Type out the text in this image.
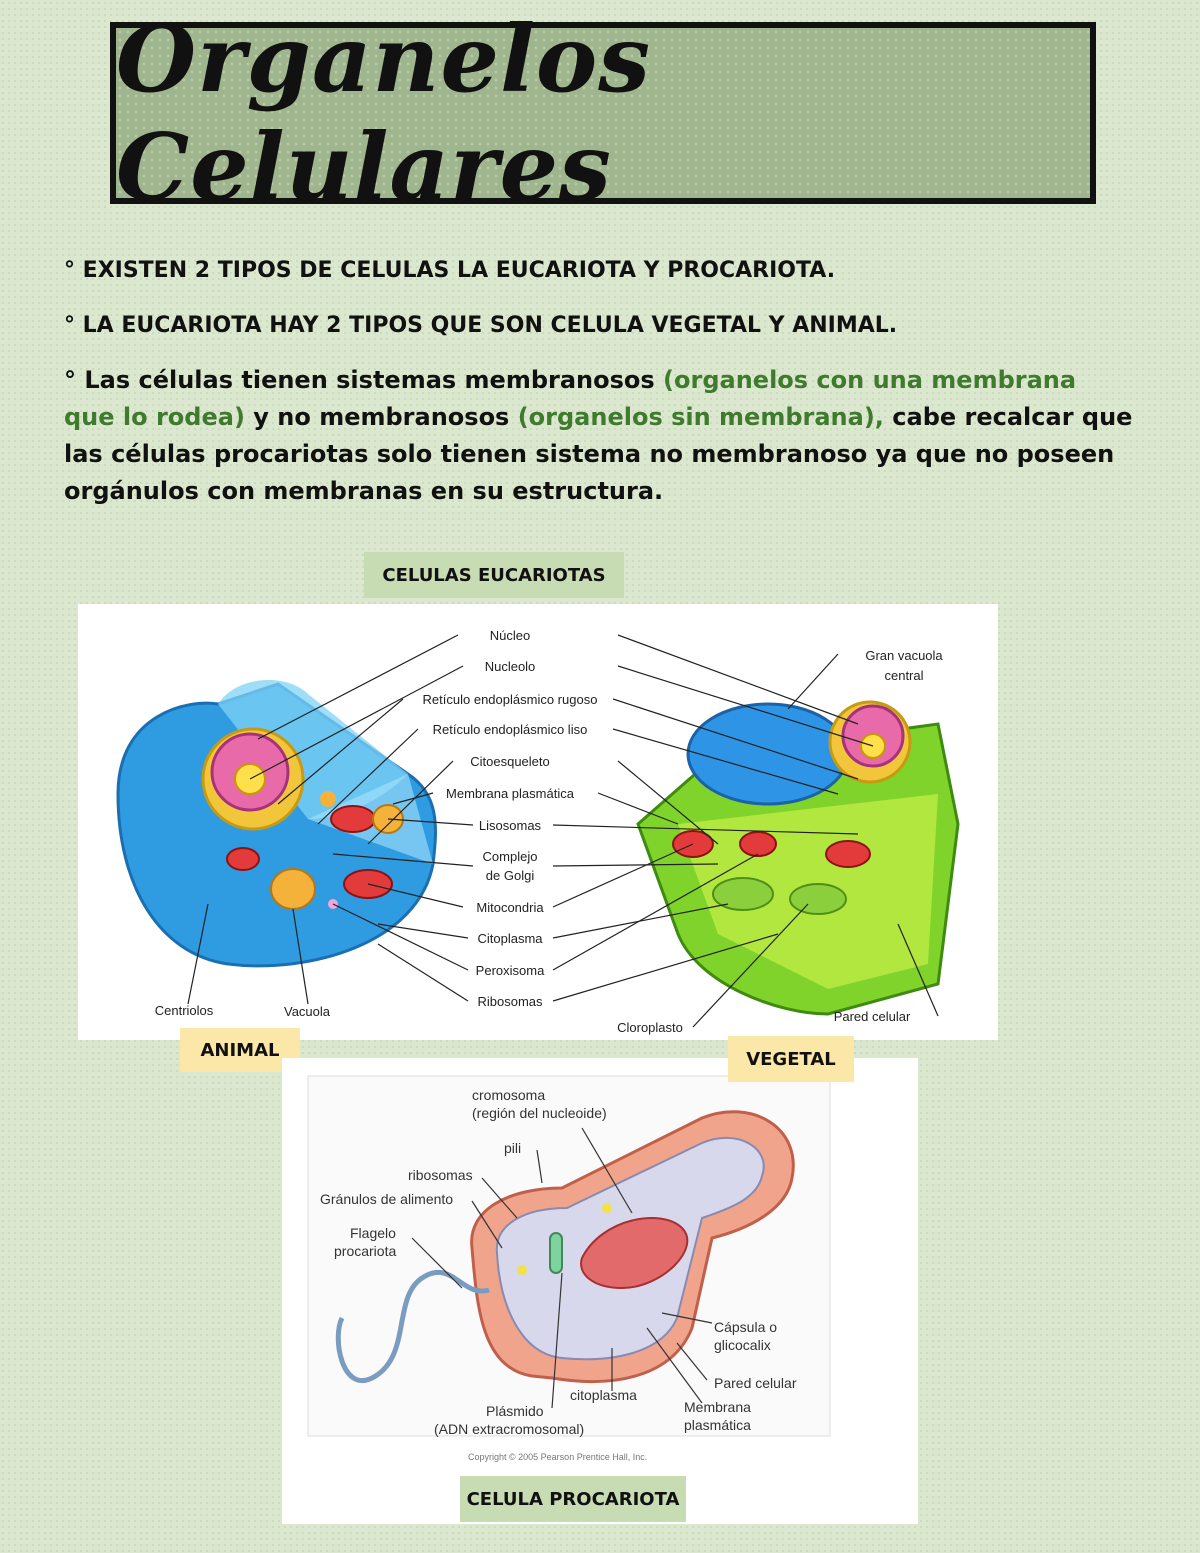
Organelos Celulares

° EXISTEN 2 TIPOS DE CELULAS LA EUCARIOTA Y PROCARIOTA.

° LA EUCARIOTA HAY 2 TIPOS QUE SON CELULA VEGETAL Y ANIMAL.

° Las células tienen sistemas membranosos (organelos con una membrana que lo rodea) y no membranosos (organelos sin membrana), cabe recalcar que las células procariotas solo tienen sistema no membranoso ya que no poseen orgánulos con membranas en su estructura.

CELULAS EUCARIOTAS
Núcleo
Nucleolo
Retículo endoplásmico rugoso
Retículo endoplásmico liso
Citoesqueleto
Membrana plasmática
Lisosomas
Complejo
de Golgi
Mitocondria
Citoplasma
Peroxisoma
Ribosomas
Gran vacuola
central
Centriolos	Vacuola
Cloroplasto
Pared celular
ANIMAL
cromosoma
(región del nucleoide)
pili
ribosomas
Gránulos de alimento
Flagelo
procariota
Cápsula o
glicocalix
Pared celular
citoplasma
Plásmido
(ADN extracromosomal)
Membrana
plasmática
Copyright © 2005 Pearson Prentice Hall, Inc.
VEGETAL
CELULA PROCARIOTA
